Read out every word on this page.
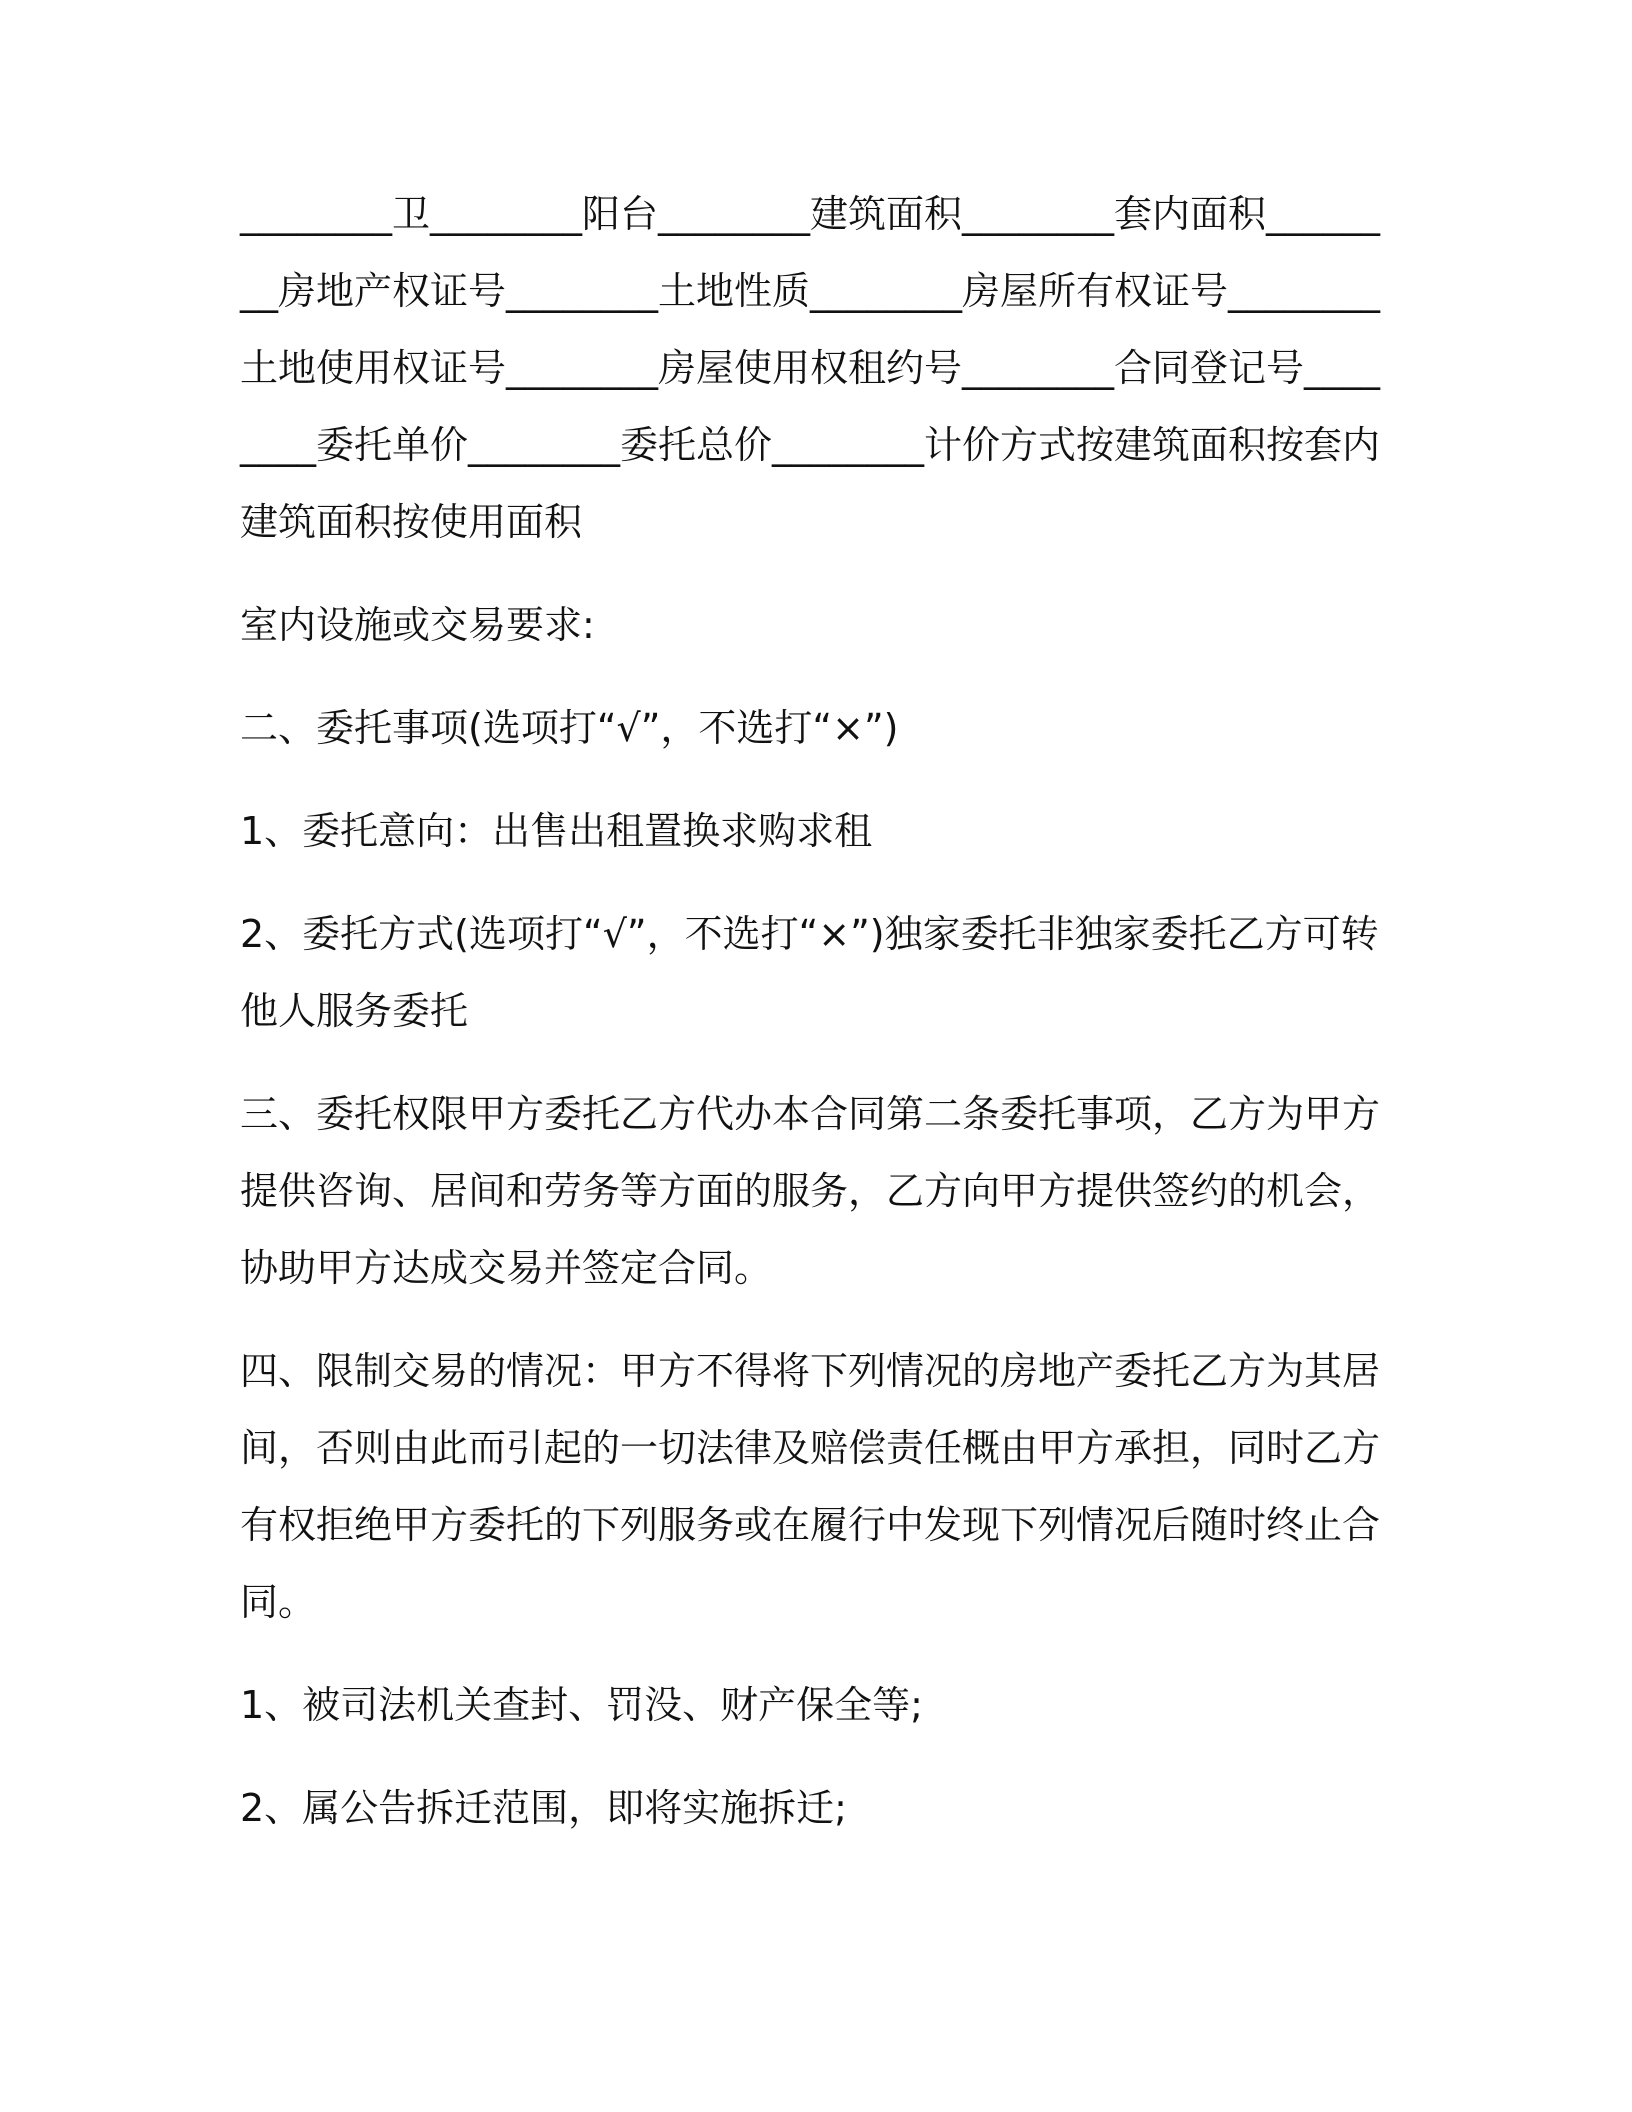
________卫________阳台________建筑面积________套内面积________房地产权证号________土地性质________房屋所有权证号________土地使用权证号________房屋使用权租约号________合同登记号________委托单价________委托总价________计价方式按建筑面积按套内建筑面积按使用面积

室内设施或交易要求:

二、委托事项(选项打“√”，不选打“×”)

1、委托意向：出售出租置换求购求租

2、委托方式(选项打“√”，不选打“×”)独家委托非独家委托乙方可转他人服务委托

三、委托权限甲方委托乙方代办本合同第二条委托事项，乙方为甲方提供咨询、居间和劳务等方面的服务，乙方向甲方提供签约的机会，协助甲方达成交易并签定合同。

四、限制交易的情况：甲方不得将下列情况的房地产委托乙方为其居间，否则由此而引起的一切法律及赔偿责任概由甲方承担，同时乙方有权拒绝甲方委托的下列服务或在履行中发现下列情况后随时终止合同。

1、被司法机关查封、罚没、财产保全等;

2、属公告拆迁范围，即将实施拆迁;
